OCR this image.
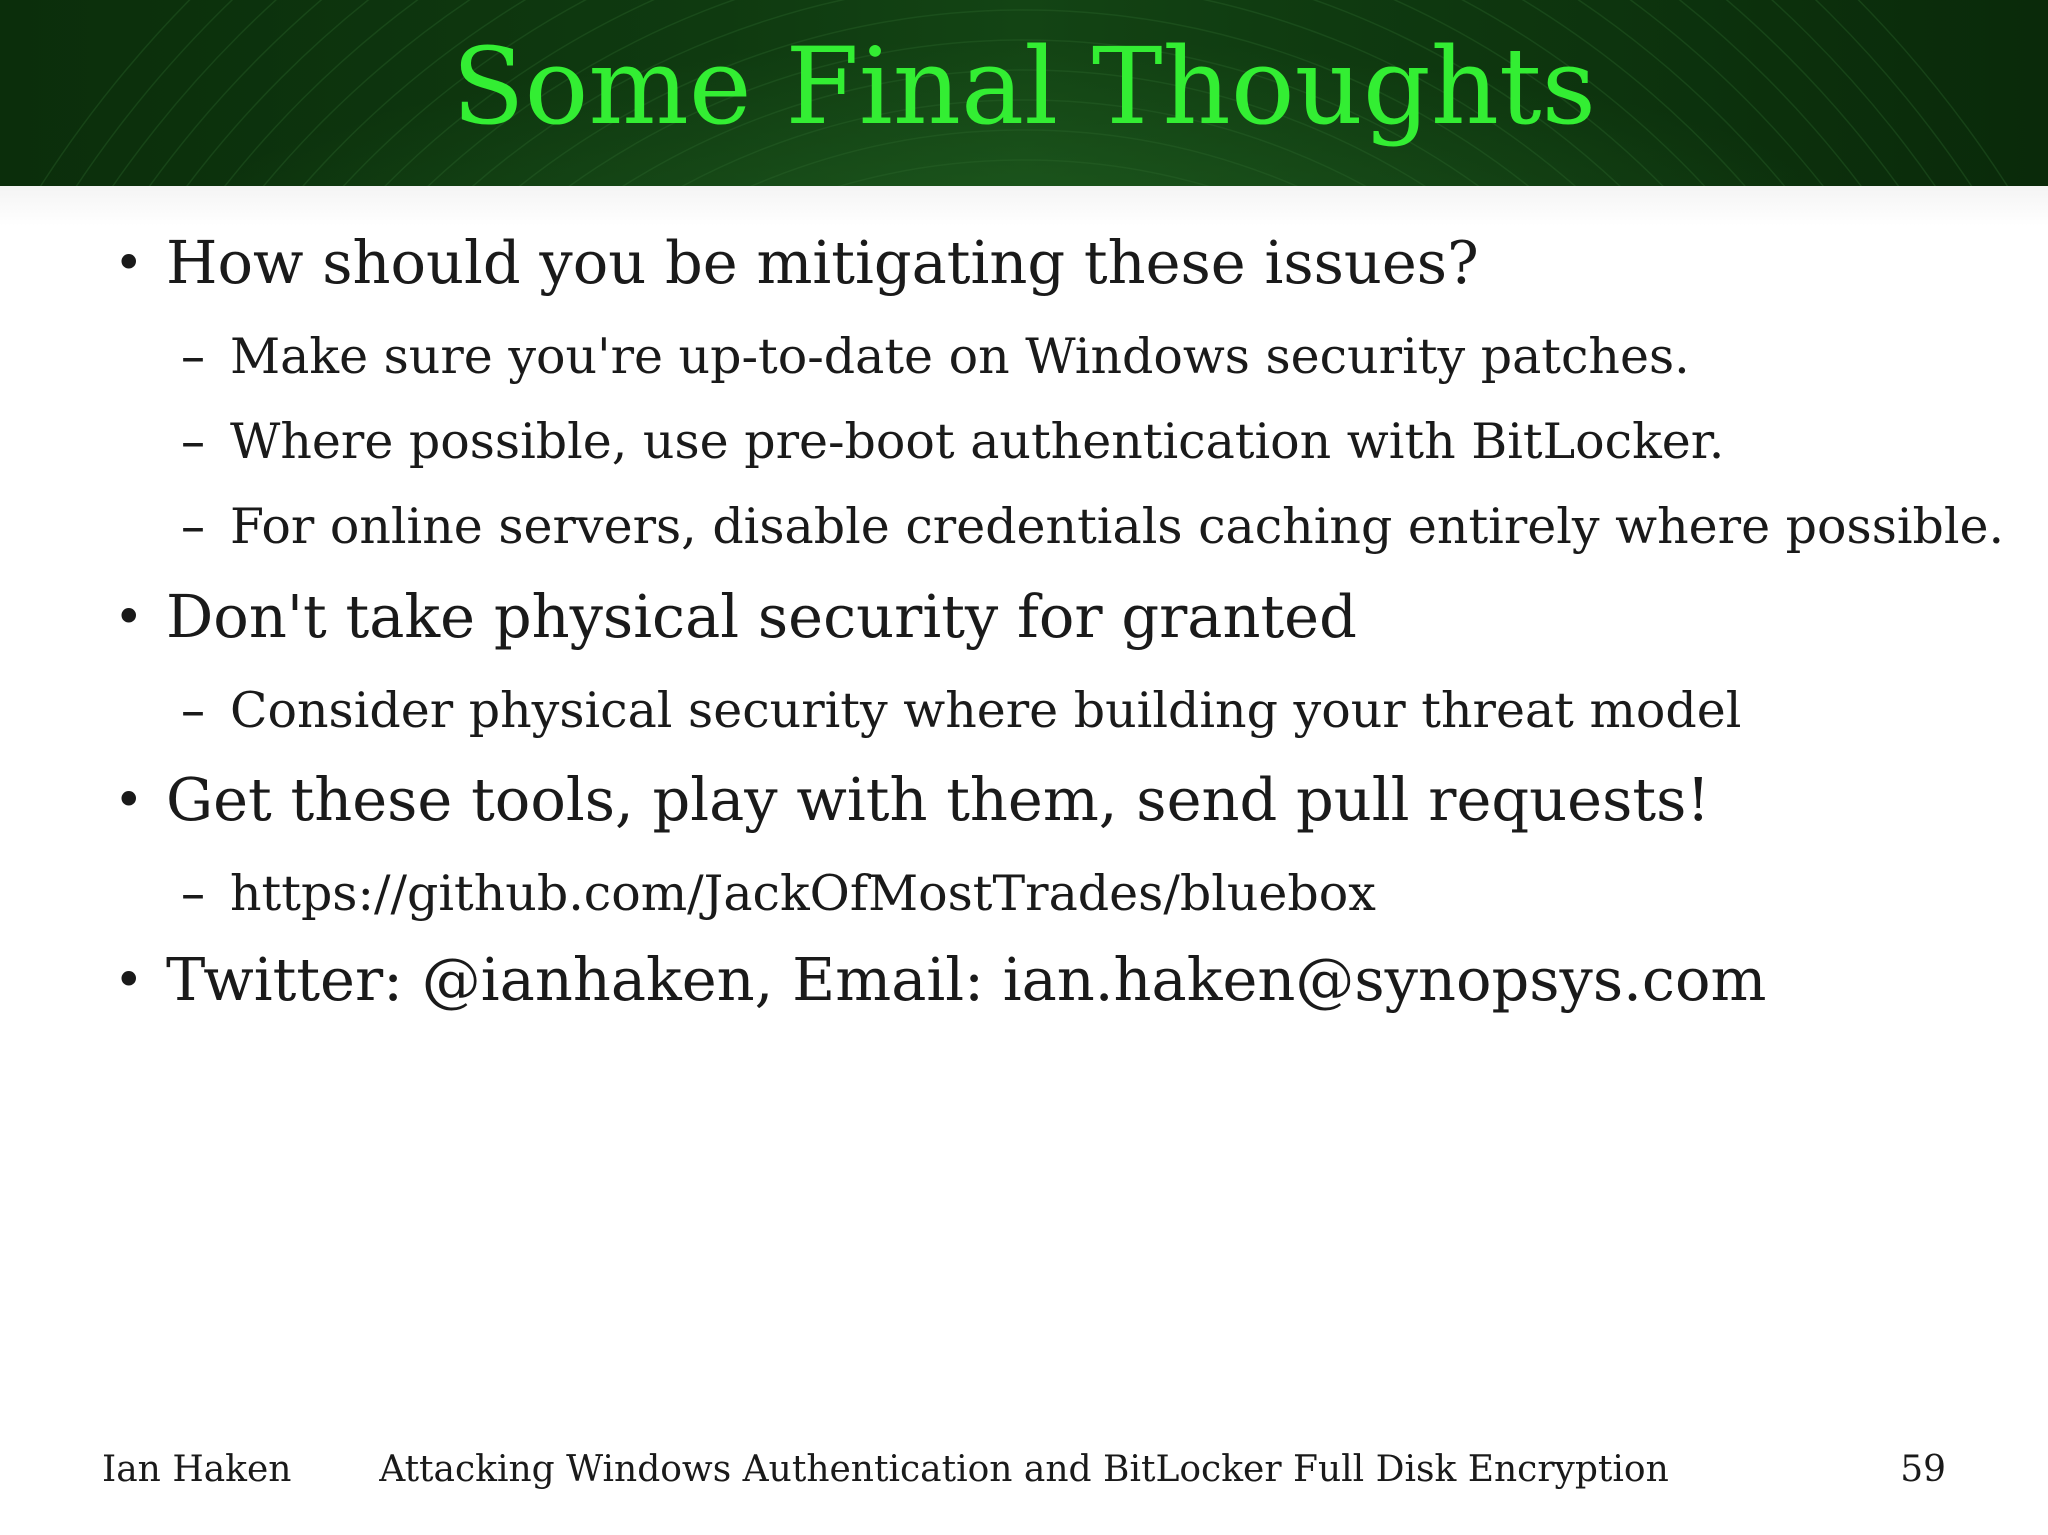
Some Final Thoughts
• How should you be mitigating these issues?
– Make sure you're up-to-date on Windows security patches.
– Where possible, use pre-boot authentication with BitLocker.
– For online servers, disable credentials caching entirely where possible.
• Don't take physical security for granted
– Consider physical security where building your threat model
• Get these tools, play with them, send pull requests!
– https://github.com/JackOfMostTrades/bluebox
• Twitter: @ianhaken, Email: ian.haken@synopsys.com
Attacking Windows Authentication and BitLocker Full Disk Encryption
Ian Haken	59
